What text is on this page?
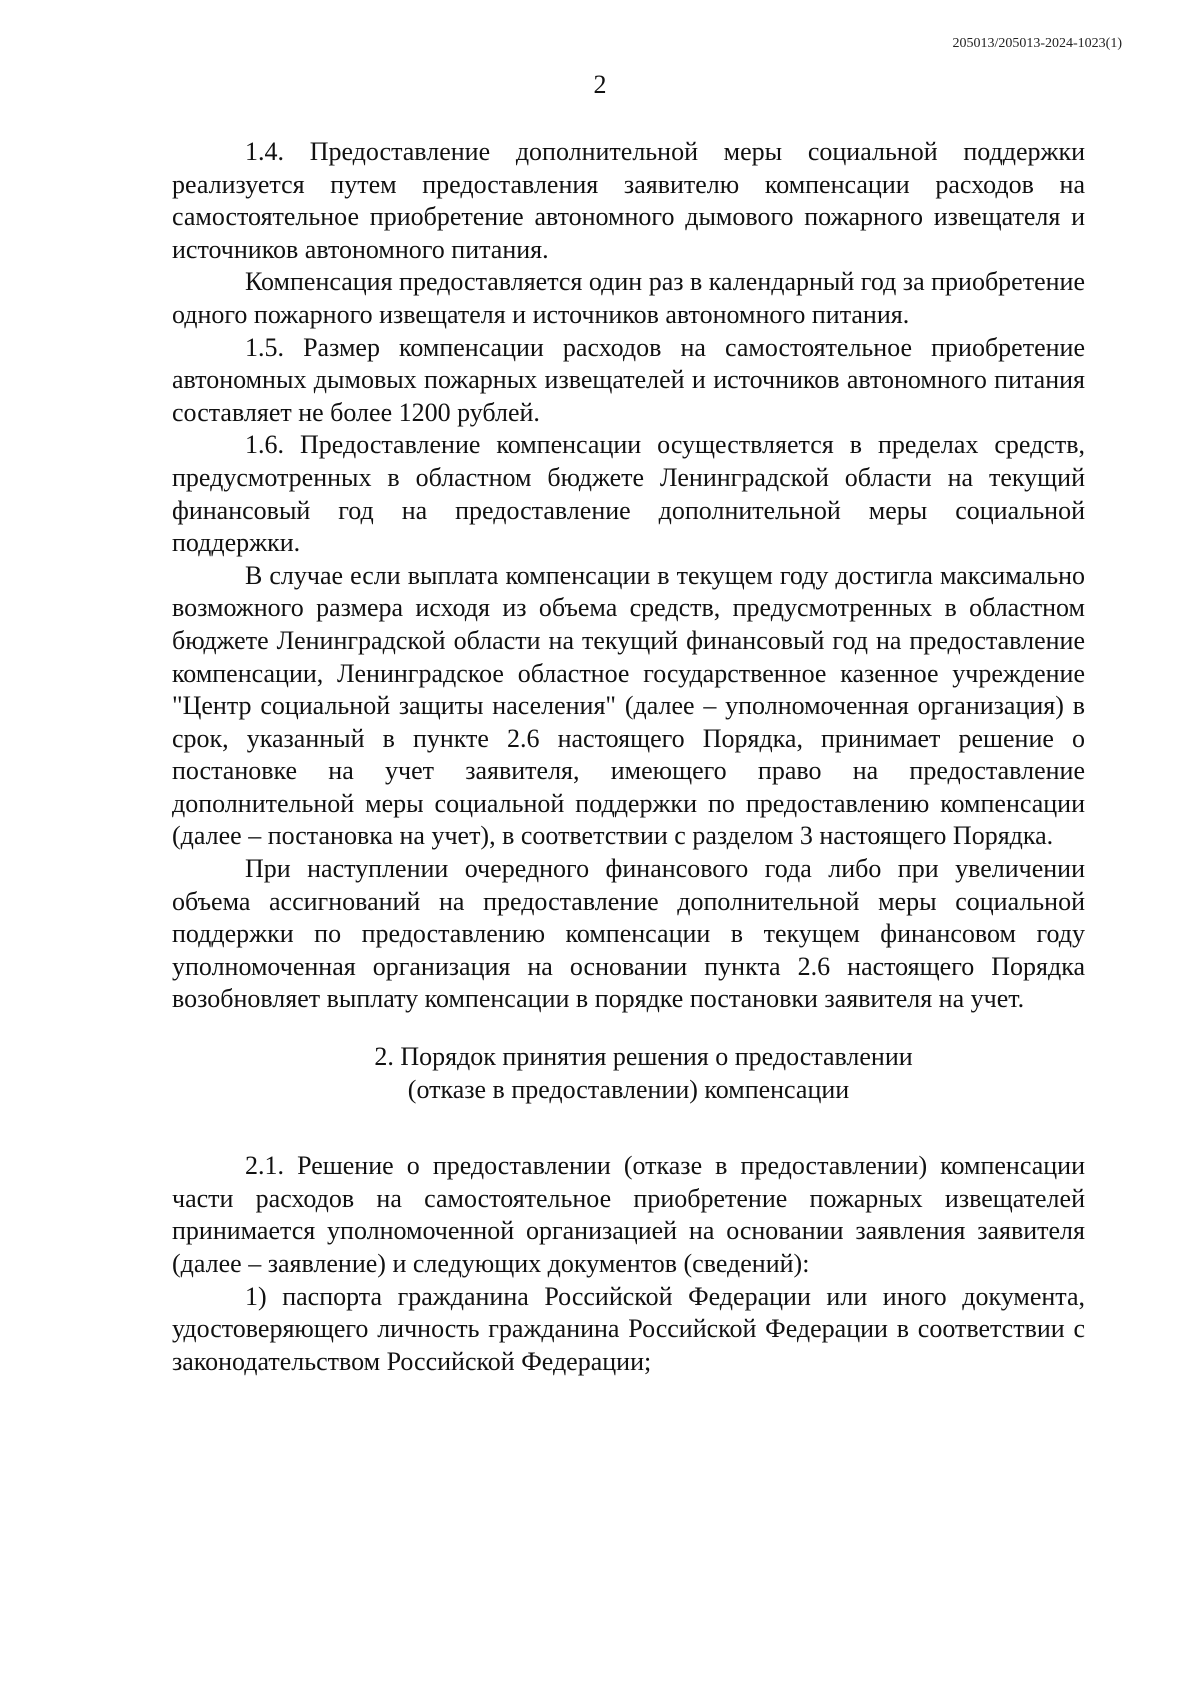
205013/205013-2024-1023(1)
2

1.4. Предоставление дополнительной меры социальной поддержки реализуется путем предоставления заявителю компенсации расходов на самостоятельное приобретение автономного дымового пожарного извещателя и источников автономного питания.

Компенсация предоставляется один раз в календарный год за приобретение одного пожарного извещателя и источников автономного питания.

1.5. Размер компенсации расходов на самостоятельное приобретение автономных дымовых пожарных извещателей и источников автономного питания составляет не более 1200 рублей.

1.6. Предоставление компенсации осуществляется в пределах средств, предусмотренных в областном бюджете Ленинградской области на текущий финансовый год на предоставление дополнительной меры социальной поддержки.

В случае если выплата компенсации в текущем году достигла максимально возможного размера исходя из объема средств, предусмотренных в областном бюджете Ленинградской области на текущий финансовый год на предоставление компенсации, Ленинградское областное государственное казенное учреждение "Центр социальной защиты населения" (далее – уполномоченная организация) в срок, указанный в пункте 2.6 настоящего Порядка, принимает решение о постановке на учет заявителя, имеющего право на предоставление дополнительной меры социальной поддержки по предоставлению компенсации (далее – постановка на учет), в соответствии с разделом 3 настоящего Порядка.

При наступлении очередного финансового года либо при увеличении объема ассигнований на предоставление дополнительной меры социальной поддержки по предоставлению компенсации в текущем финансовом году уполномоченная организация на основании пункта 2.6 настоящего Порядка возобновляет выплату компенсации в порядке постановки заявителя на учет.

2. Порядок принятия решения о предоставлении

(отказе в предоставлении) компенсации

2.1. Решение о предоставлении (отказе в предоставлении) компенсации части расходов на самостоятельное приобретение пожарных извещателей принимается уполномоченной организацией на основании заявления заявителя (далее – заявление) и следующих документов (сведений):

1) паспорта гражданина Российской Федерации или иного документа, удостоверяющего личность гражданина Российской Федерации в соответствии с законодательством Российской Федерации;
